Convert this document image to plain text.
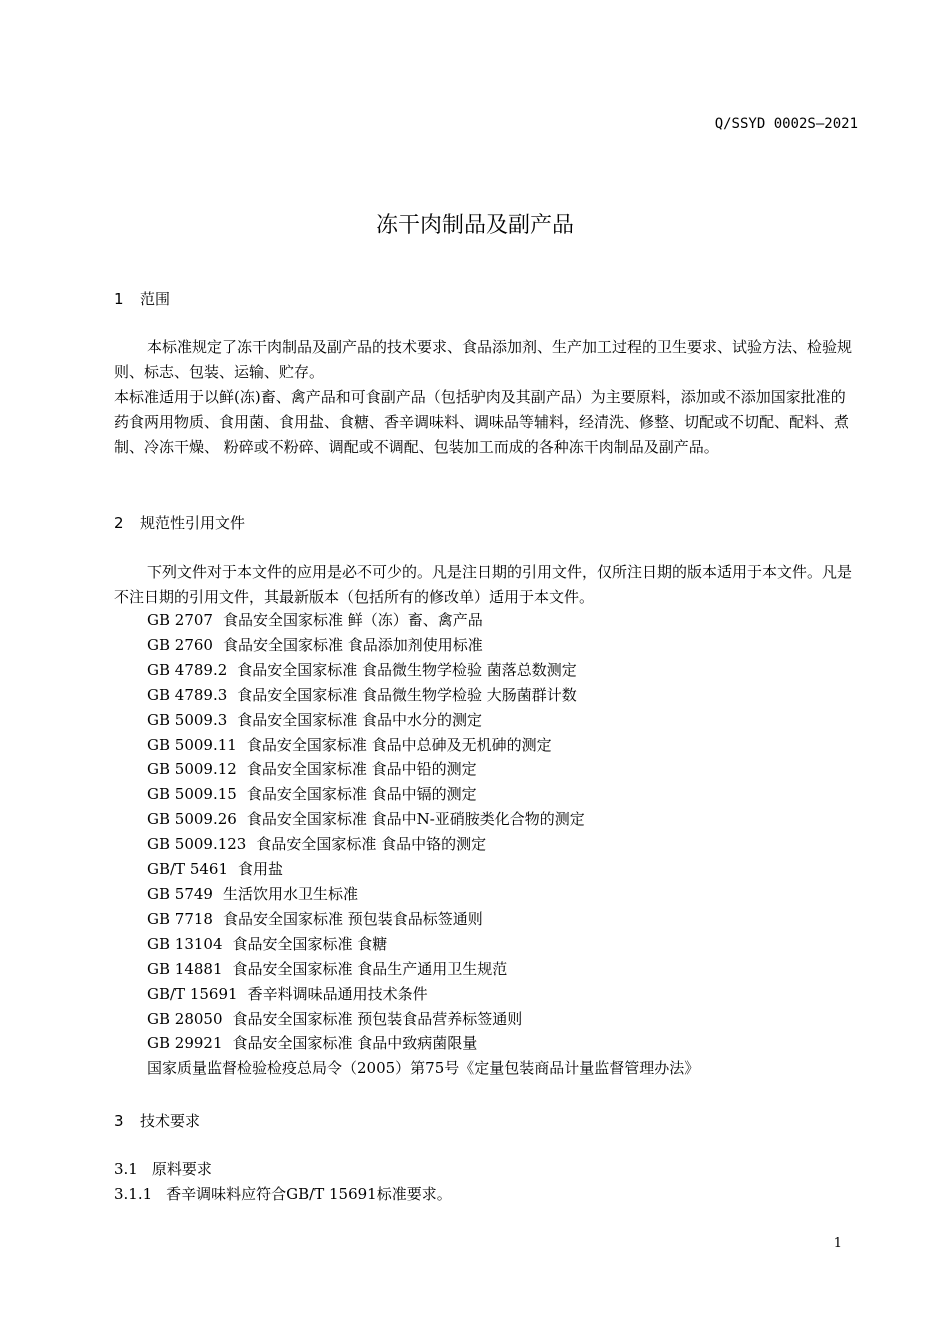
Q/SSYD 0002S—2021
冻干肉制品及副产品
1 范围
本标准规定了冻干肉制品及副产品的技术要求、食品添加剂、生产加工过程的卫生要求、试验方法、检验规则、标志、包装、运输、贮存。
本标准适用于以鲜(冻)畜、禽产品和可食副产品（包括驴肉及其副产品）为主要原料，添加或不添加国家批准的药食两用物质、食用菌、食用盐、食糖、香辛调味料、调味品等辅料，经清洗、修整、切配或不切配、配料、煮制、冷冻干燥、 粉碎或不粉碎、调配或不调配、包装加工而成的各种冻干肉制品及副产品。
2 规范性引用文件
下列文件对于本文件的应用是必不可少的。凡是注日期的引用文件，仅所注日期的版本适用于本文件。凡是不注日期的引用文件，其最新版本（包括所有的修改单）适用于本文件。
GB 2707 食品安全国家标准 鲜（冻）畜、禽产品
GB 2760 食品安全国家标准 食品添加剂使用标准
GB 4789.2 食品安全国家标准 食品微生物学检验 菌落总数测定
GB 4789.3 食品安全国家标准 食品微生物学检验 大肠菌群计数
GB 5009.3 食品安全国家标准 食品中水分的测定
GB 5009.11 食品安全国家标准 食品中总砷及无机砷的测定
GB 5009.12 食品安全国家标准 食品中铅的测定
GB 5009.15 食品安全国家标准 食品中镉的测定
GB 5009.26 食品安全国家标准 食品中N-亚硝胺类化合物的测定
GB 5009.123 食品安全国家标准 食品中铬的测定
GB/T 5461 食用盐
GB 5749 生活饮用水卫生标准
GB 7718 食品安全国家标准 预包装食品标签通则
GB 13104 食品安全国家标准 食糖
GB 14881 食品安全国家标准 食品生产通用卫生规范
GB/T 15691 香辛料调味品通用技术条件
GB 28050 食品安全国家标准 预包装食品营养标签通则
GB 29921 食品安全国家标准 食品中致病菌限量
国家质量监督检验检疫总局令（2005）第75号《定量包装商品计量监督管理办法》
3 技术要求
3.1 原料要求
3.1.1 香辛调味料应符合GB/T 15691标准要求。
1
